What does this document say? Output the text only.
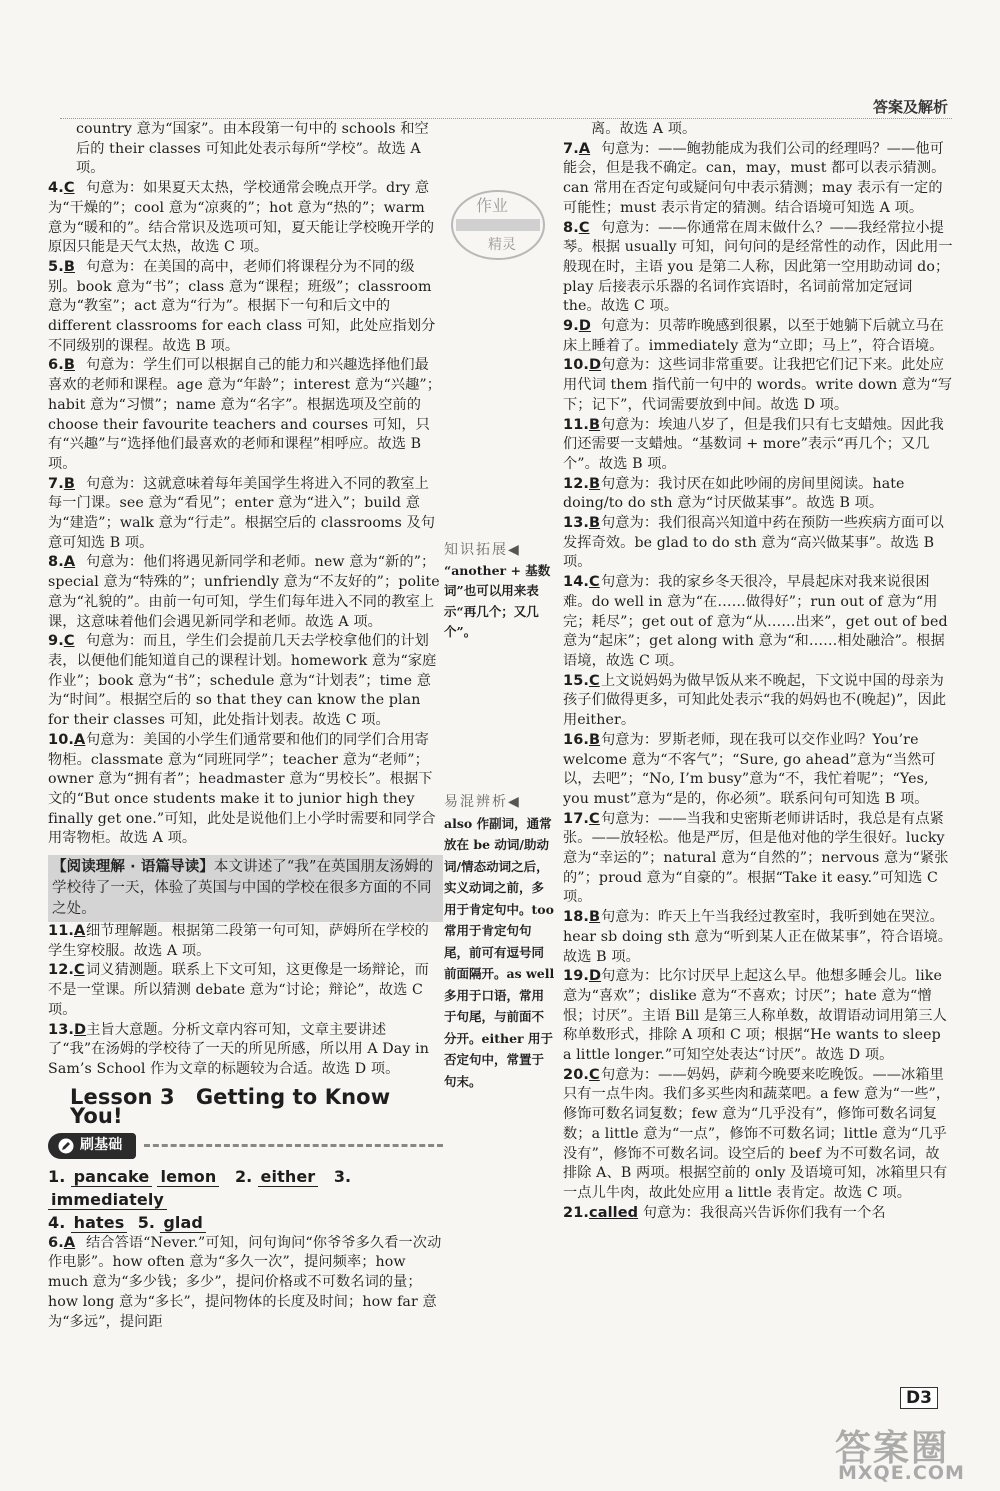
答案及解析
country 意为“国家”。由本段第一句中的 schools 和空后的 their classes 可知此处表示每所“学校”。故选 A 项。
4.C 句意为：如果夏天太热，学校通常会晚点开学。dry 意为“干燥的”；cool 意为“凉爽的”；hot 意为“热的”；warm 意为“暖和的”。结合常识及选项可知，夏天能让学校晚开学的原因只能是天气太热，故选 C 项。
5.B 句意为：在美国的高中，老师们将课程分为不同的级别。book 意为“书”；class 意为“课程；班级”；classroom 意为“教室”；act 意为“行为”。根据下一句和后文中的 different classrooms for each class 可知，此处应指划分不同级别的课程。故选 B 项。
6.B 句意为：学生们可以根据自己的能力和兴趣选择他们最喜欢的老师和课程。age 意为“年龄”；interest 意为“兴趣”；habit 意为“习惯”；name 意为“名字”。根据选项及空前的 choose their favourite teachers and courses 可知，只有“兴趣”与“选择他们最喜欢的老师和课程”相呼应。故选 B 项。
7.B 句意为：这就意味着每年美国学生将进入不同的教室上每一门课。see 意为“看见”；enter 意为“进入”；build 意为“建造”；walk 意为“行走”。根据空后的 classrooms 及句意可知选 B 项。
8.A 句意为：他们将遇见新同学和老师。new 意为“新的”；special 意为“特殊的”；unfriendly 意为“不友好的”；polite 意为“礼貌的”。由前一句可知，学生们每年进入不同的教室上课，这意味着他们会遇见新同学和老师。故选 A 项。
9.C 句意为：而且，学生们会提前几天去学校拿他们的计划表，以便他们能知道自己的课程计划。homework 意为“家庭作业”；book 意为“书”；schedule 意为“计划表”；time 意为“时间”。根据空后的 so that they can know the plan for their classes 可知，此处指计划表。故选 C 项。
10.A句意为：美国的小学生们通常要和他们的同学们合用寄物柜。classmate 意为“同班同学”；teacher 意为“老师”；owner 意为“拥有者”；headmaster 意为“男校长”。根据下文的“But once students make it to junior high they finally get one.”可知，此处是说他们上小学时需要和同学合用寄物柜。故选 A 项。
【阅读理解 · 语篇导读】本文讲述了“我”在英国朋友汤姆的学校待了一天，体验了英国与中国的学校在很多方面的不同之处。
11.A细节理解题。根据第二段第一句可知，萨姆所在学校的学生穿校服。故选 A 项。
12.C词义猜测题。联系上下文可知，这更像是一场辩论，而不是一堂课。所以猜测 debate 意为“讨论；辩论”，故选 C 项。
13.D主旨大意题。分析文章内容可知，文章主要讲述了“我”在汤姆的学校待了一天的所见所感，所以用 A Day in Sam’s School 作为文章的标题较为合适。故选 D 项。
Lesson 3　Getting to Know You!
刷基础
1. pancake lemon 2. either 3. immediately
4. hates 5. glad
6.A 结合答语“Never.”可知，问句询问“你爷爷多久看一次动作电影”。how often 意为“多久一次”，提问频率；how much 意为“多少钱；多少”，提问价格或不可数名词的量；how long 意为“多长”，提问物体的长度及时间；how far 意为“多远”，提问距
作业
精灵
知识拓展◀
“another + 基数词”也可以用来表示“再几个；又几个”。
易混辨析◀
also 作副词，通常放在 be 动词/助动词/情态动词之后，实义动词之前，多用于肯定句中。too 常用于肯定句句尾，前可有逗号同前面隔开。as well 多用于口语，常用于句尾，与前面不分开。either 用于否定句中，常置于句末。
离。故选 A 项。
7.A 句意为：——鲍勃能成为我们公司的经理吗？——他可能会，但是我不确定。can，may，must 都可以表示猜测。can 常用在否定句或疑问句中表示猜测；may 表示有一定的可能性；must 表示肯定的猜测。结合语境可知选 A 项。
8.C 句意为：——你通常在周末做什么？——我经常拉小提琴。根据 usually 可知，问句问的是经常性的动作，因此用一般现在时，主语 you 是第二人称，因此第一空用助动词 do；play 后接表示乐器的名词作宾语时，名词前常加定冠词 the。故选 C 项。
9.D 句意为：贝蒂昨晚感到很累，以至于她躺下后就立马在床上睡着了。immediately 意为“立即；马上”，符合语境。
10.D句意为：这些词非常重要。让我把它们记下来。此处应用代词 them 指代前一句中的 words。write down 意为“写下；记下”，代词需要放到中间。故选 D 项。
11.B句意为：埃迪八岁了，但是我们只有七支蜡烛。因此我们还需要一支蜡烛。“基数词 + more”表示“再几个；又几个”。故选 B 项。
12.B句意为：我讨厌在如此吵闹的房间里阅读。hate doing/to do sth 意为“讨厌做某事”。故选 B 项。
13.B句意为：我们很高兴知道中药在预防一些疾病方面可以发挥奇效。be glad to do sth 意为“高兴做某事”。故选 B 项。
14.C句意为：我的家乡冬天很冷，早晨起床对我来说很困难。do well in 意为“在……做得好”；run out of 意为“用完；耗尽”；get out of 意为“从……出来”，get out of bed 意为“起床”；get along with 意为“和……相处融洽”。根据语境，故选 C 项。
15.C上文说妈妈为做早饭从来不晚起，下文说中国的母亲为孩子们做得更多，可知此处表示“我的妈妈也不(晚起)”，因此用either。
16.B句意为：罗斯老师，现在我可以交作业吗？You’re welcome 意为“不客气”；“Sure, go ahead”意为“当然可以，去吧”；“No, I’m busy”意为“不，我忙着呢”；“Yes, you must”意为“是的，你必须”。联系问句可知选 B 项。
17.C句意为：——当我和史密斯老师讲话时，我总是有点紧张。——放轻松。他是严厉，但是他对他的学生很好。lucky 意为“幸运的”；natural 意为“自然的”；nervous 意为“紧张的”；proud 意为“自豪的”。根据“Take it easy.”可知选 C 项。
18.B句意为：昨天上午当我经过教室时，我听到她在哭泣。hear sb doing sth 意为“听到某人正在做某事”，符合语境。故选 B 项。
19.D句意为：比尔讨厌早上起这么早。他想多睡会儿。like 意为“喜欢”；dislike 意为“不喜欢；讨厌”；hate 意为“憎恨；讨厌”。主语 Bill 是第三人称单数，故谓语动词用第三人称单数形式，排除 A 项和 C 项；根据“He wants to sleep a little longer.”可知空处表达“讨厌”。故选 D 项。
20.C句意为：——妈妈，萨莉今晚要来吃晚饭。——冰箱里只有一点牛肉。我们多买些肉和蔬菜吧。a few 意为“一些”，修饰可数名词复数；few 意为“几乎没有”，修饰可数名词复数；a little 意为“一点”，修饰不可数名词；little 意为“几乎没有”，修饰不可数名词。设空后的 beef 为不可数名词，故排除 A、B 两项。根据空前的 only 及语境可知，冰箱里只有一点儿牛肉，故此处应用 a little 表肯定。故选 C 项。
21.called 句意为：我很高兴告诉你们我有一个名
D3
答案圈
MXQE.COM
